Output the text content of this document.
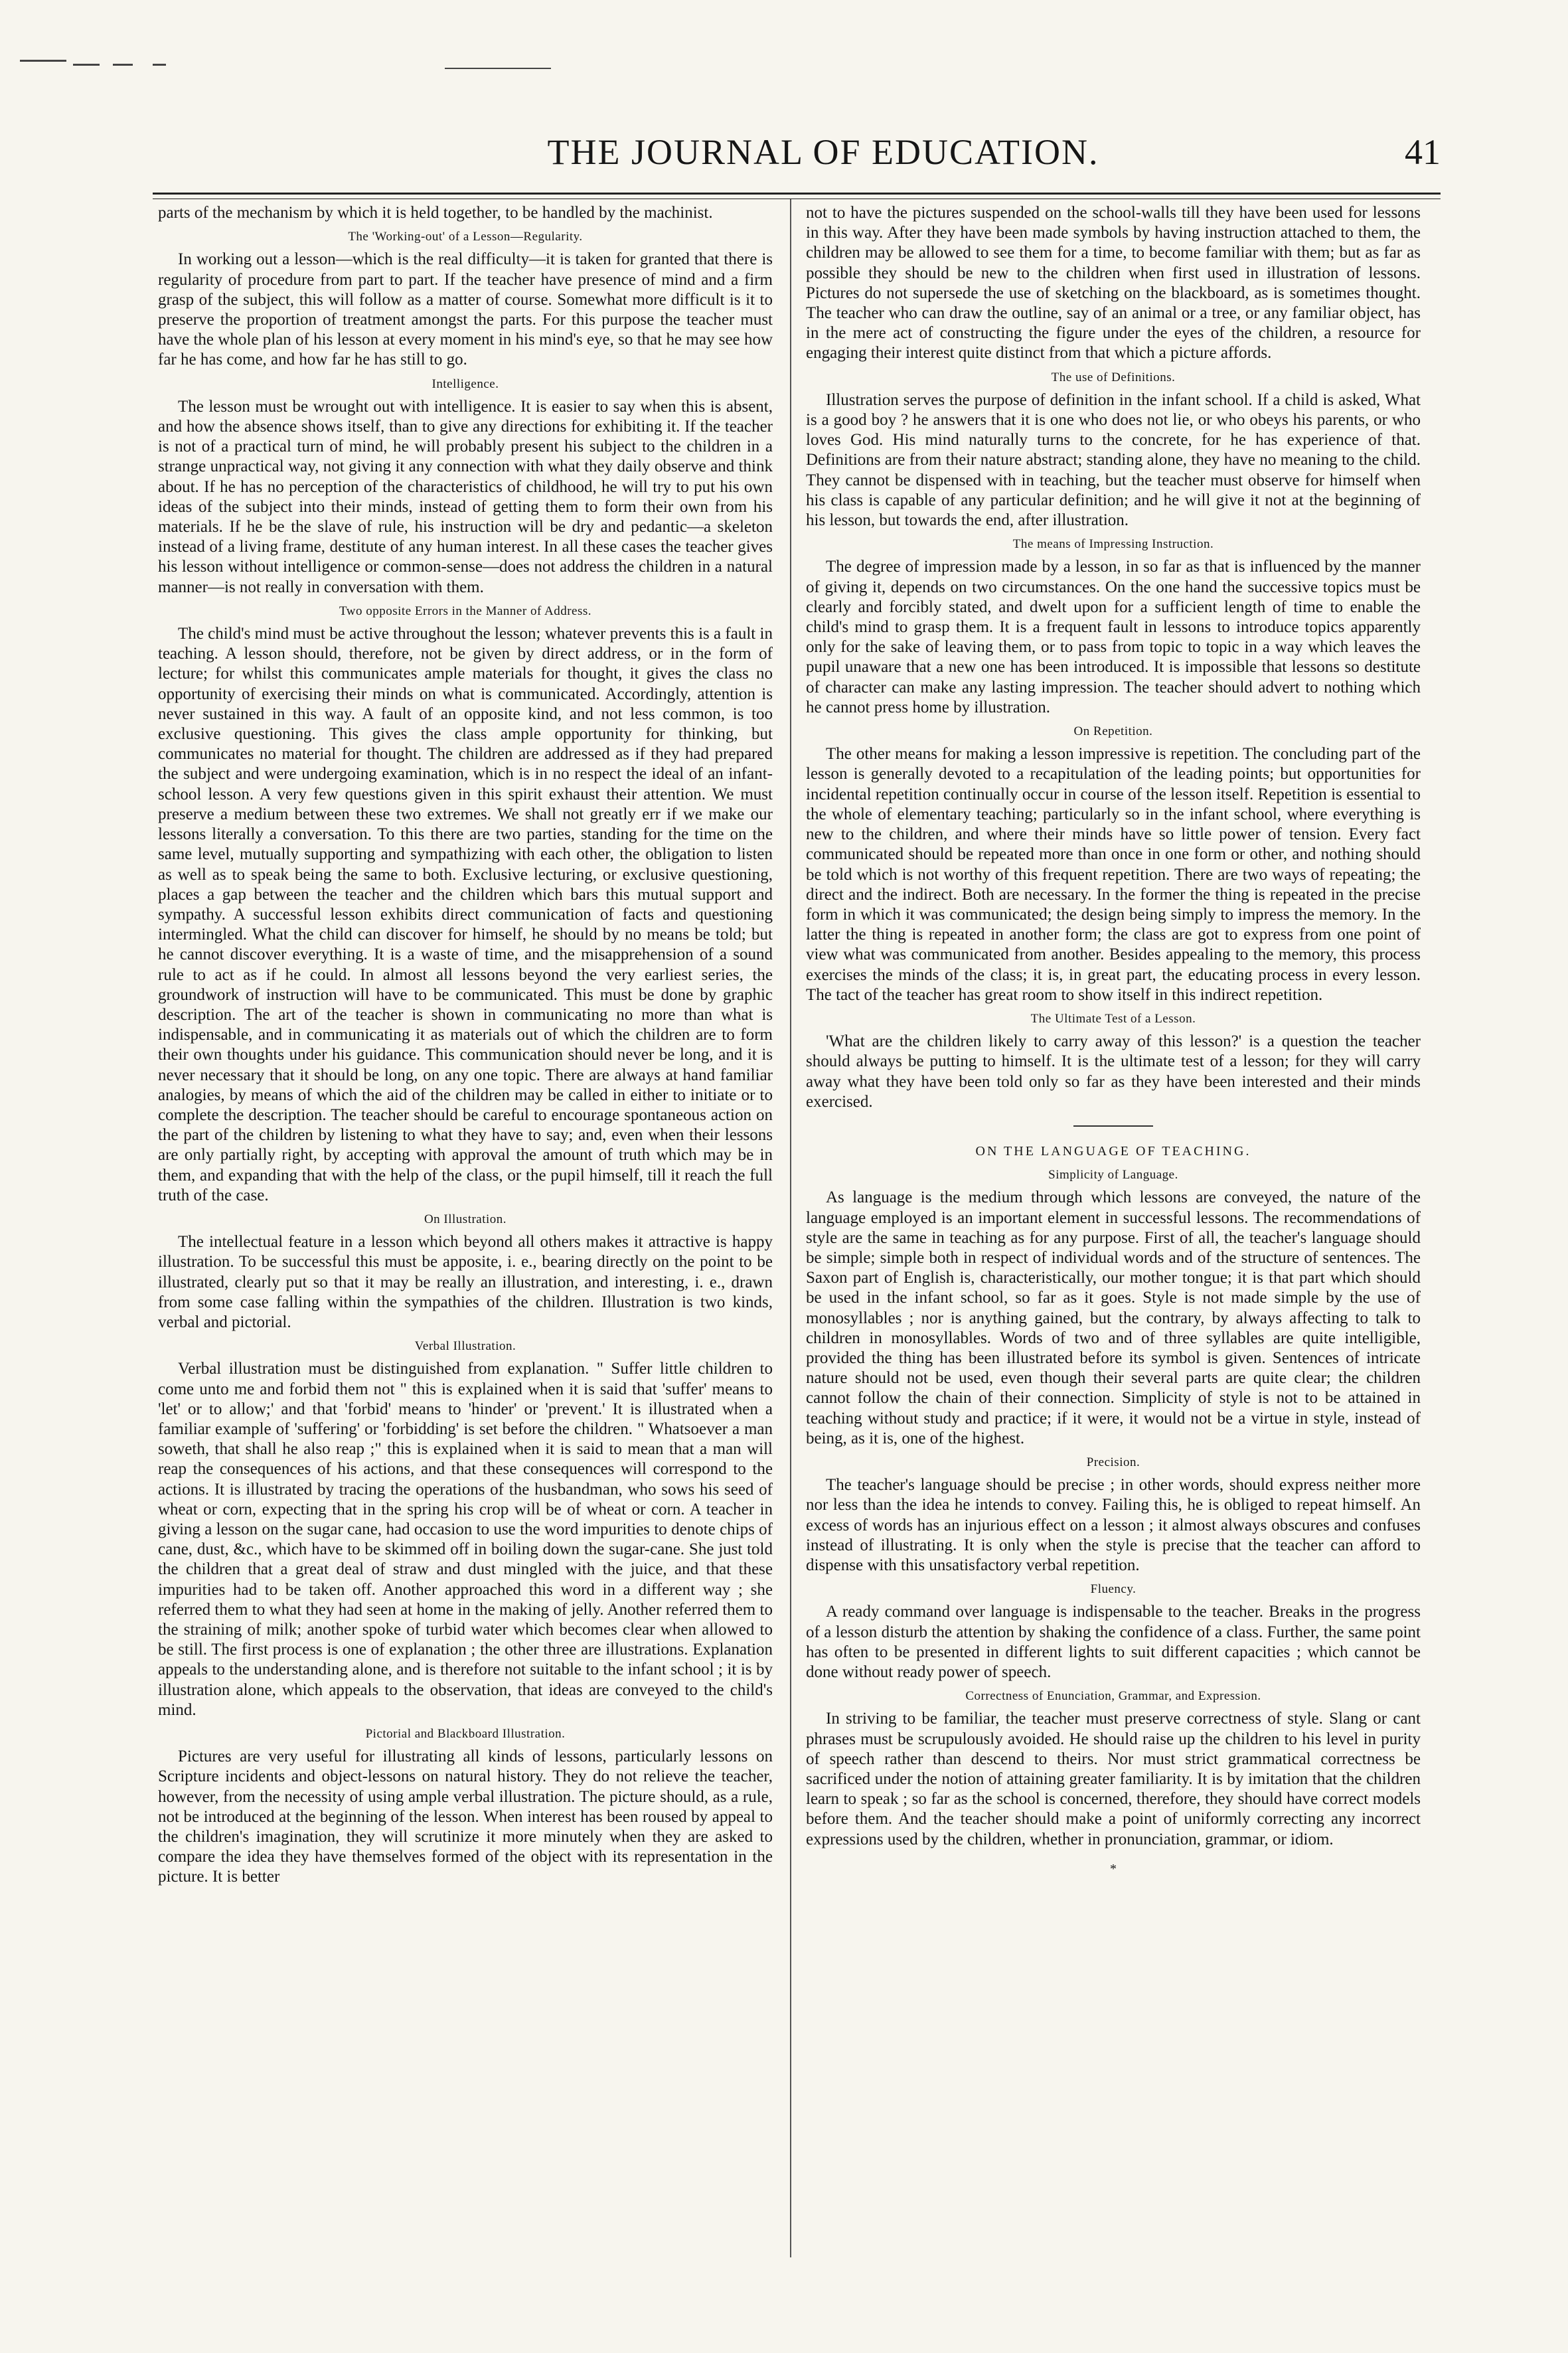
THE JOURNAL OF EDUCATION.	41

parts of the mechanism by which it is held together, to be handled by the machinist.

The 'Working-out' of a Lesson—Regularity.

In working out a lesson—which is the real difficulty—it is taken for granted that there is regularity of procedure from part to part. If the teacher have presence of mind and a firm grasp of the subject, this will follow as a matter of course. Somewhat more difficult is it to preserve the proportion of treatment amongst the parts. For this purpose the teacher must have the whole plan of his lesson at every moment in his mind's eye, so that he may see how far he has come, and how far he has still to go.

Intelligence.

The lesson must be wrought out with intelligence. It is easier to say when this is absent, and how the absence shows itself, than to give any directions for exhibiting it. If the teacher is not of a practical turn of mind, he will probably present his subject to the children in a strange unpractical way, not giving it any connection with what they daily observe and think about. If he has no perception of the characteristics of childhood, he will try to put his own ideas of the subject into their minds, instead of getting them to form their own from his materials. If he be the slave of rule, his instruction will be dry and pedantic—a skeleton instead of a living frame, destitute of any human interest. In all these cases the teacher gives his lesson without intelligence or common-sense—does not address the children in a natural manner—is not really in conversation with them.

Two opposite Errors in the Manner of Address.

The child's mind must be active throughout the lesson; whatever prevents this is a fault in teaching. A lesson should, therefore, not be given by direct address, or in the form of lecture; for whilst this communicates ample materials for thought, it gives the class no opportunity of exercising their minds on what is communicated. Accordingly, attention is never sustained in this way. A fault of an opposite kind, and not less common, is too exclusive questioning. This gives the class ample opportunity for thinking, but communicates no material for thought. The children are addressed as if they had prepared the subject and were undergoing examination, which is in no respect the ideal of an infant-school lesson. A very few questions given in this spirit exhaust their attention. We must preserve a medium between these two extremes. We shall not greatly err if we make our lessons literally a conversation. To this there are two parties, standing for the time on the same level, mutually supporting and sympathizing with each other, the obligation to listen as well as to speak being the same to both. Exclusive lecturing, or exclusive questioning, places a gap between the teacher and the children which bars this mutual support and sympathy. A successful lesson exhibits direct communication of facts and questioning intermingled. What the child can discover for himself, he should by no means be told; but he cannot discover everything. It is a waste of time, and the misapprehension of a sound rule to act as if he could. In almost all lessons beyond the very earliest series, the groundwork of instruction will have to be communicated. This must be done by graphic description. The art of the teacher is shown in communicating no more than what is indispensable, and in communicating it as materials out of which the children are to form their own thoughts under his guidance. This communication should never be long, and it is never necessary that it should be long, on any one topic. There are always at hand familiar analogies, by means of which the aid of the children may be called in either to initiate or to complete the description. The teacher should be careful to encourage spontaneous action on the part of the children by listening to what they have to say; and, even when their lessons are only partially right, by accepting with approval the amount of truth which may be in them, and expanding that with the help of the class, or the pupil himself, till it reach the full truth of the case.

On Illustration.

The intellectual feature in a lesson which beyond all others makes it attractive is happy illustration. To be successful this must be apposite, i. e., bearing directly on the point to be illustrated, clearly put so that it may be really an illustration, and interesting, i. e., drawn from some case falling within the sympathies of the children. Illustration is two kinds, verbal and pictorial.

Verbal Illustration.

Verbal illustration must be distinguished from explanation. " Suffer little children to come unto me and forbid them not " this is explained when it is said that 'suffer' means to 'let' or to allow;' and that 'forbid' means to 'hinder' or 'prevent.' It is illustrated when a familiar example of 'suffering' or 'forbidding' is set before the children. " Whatsoever a man soweth, that shall he also reap ;" this is explained when it is said to mean that a man will reap the consequences of his actions, and that these consequences will correspond to the actions. It is illustrated by tracing the operations of the husbandman, who sows his seed of wheat or corn, expecting that in the spring his crop will be of wheat or corn. A teacher in giving a lesson on the sugar cane, had occasion to use the word impurities to denote chips of cane, dust, &c., which have to be skimmed off in boiling down the sugar-cane. She just told the children that a great deal of straw and dust mingled with the juice, and that these impurities had to be taken off. Another approached this word in a different way ; she referred them to what they had seen at home in the making of jelly. Another referred them to the straining of milk; another spoke of turbid water which becomes clear when allowed to be still. The first process is one of explanation ; the other three are illustrations. Explanation appeals to the understanding alone, and is therefore not suitable to the infant school ; it is by illustration alone, which appeals to the observation, that ideas are conveyed to the child's mind.

Pictorial and Blackboard Illustration.

Pictures are very useful for illustrating all kinds of lessons, particularly lessons on Scripture incidents and object-lessons on natural history. They do not relieve the teacher, however, from the necessity of using ample verbal illustration. The picture should, as a rule, not be introduced at the beginning of the lesson. When interest has been roused by appeal to the children's imagination, they will scrutinize it more minutely when they are asked to compare the idea they have themselves formed of the object with its representation in the picture. It is better

not to have the pictures suspended on the school-walls till they have been used for lessons in this way. After they have been made symbols by having instruction attached to them, the children may be allowed to see them for a time, to become familiar with them; but as far as possible they should be new to the children when first used in illustration of lessons. Pictures do not supersede the use of sketching on the blackboard, as is sometimes thought. The teacher who can draw the outline, say of an animal or a tree, or any familiar object, has in the mere act of constructing the figure under the eyes of the children, a resource for engaging their interest quite distinct from that which a picture affords.

The use of Definitions.

Illustration serves the purpose of definition in the infant school. If a child is asked, What is a good boy ? he answers that it is one who does not lie, or who obeys his parents, or who loves God. His mind naturally turns to the concrete, for he has experience of that. Definitions are from their nature abstract; standing alone, they have no meaning to the child. They cannot be dispensed with in teaching, but the teacher must observe for himself when his class is capable of any particular definition; and he will give it not at the beginning of his lesson, but towards the end, after illustration.

The means of Impressing Instruction.

The degree of impression made by a lesson, in so far as that is influenced by the manner of giving it, depends on two circumstances. On the one hand the successive topics must be clearly and forcibly stated, and dwelt upon for a sufficient length of time to enable the child's mind to grasp them. It is a frequent fault in lessons to introduce topics apparently only for the sake of leaving them, or to pass from topic to topic in a way which leaves the pupil unaware that a new one has been introduced. It is impossible that lessons so destitute of character can make any lasting impression. The teacher should advert to nothing which he cannot press home by illustration.

On Repetition.

The other means for making a lesson impressive is repetition. The concluding part of the lesson is generally devoted to a recapitulation of the leading points; but opportunities for incidental repetition continually occur in course of the lesson itself. Repetition is essential to the whole of elementary teaching; particularly so in the infant school, where everything is new to the children, and where their minds have so little power of tension. Every fact communicated should be repeated more than once in one form or other, and nothing should be told which is not worthy of this frequent repetition. There are two ways of repeating; the direct and the indirect. Both are necessary. In the former the thing is repeated in the precise form in which it was communicated; the design being simply to impress the memory. In the latter the thing is repeated in another form; the class are got to express from one point of view what was communicated from another. Besides appealing to the memory, this process exercises the minds of the class; it is, in great part, the educating process in every lesson. The tact of the teacher has great room to show itself in this indirect repetition.

The Ultimate Test of a Lesson.

'What are the children likely to carry away of this lesson?' is a question the teacher should always be putting to himself. It is the ultimate test of a lesson; for they will carry away what they have been told only so far as they have been interested and their minds exercised.

ON THE LANGUAGE OF TEACHING.
Simplicity of Language.

As language is the medium through which lessons are conveyed, the nature of the language employed is an important element in successful lessons. The recommendations of style are the same in teaching as for any purpose. First of all, the teacher's language should be simple; simple both in respect of individual words and of the structure of sentences. The Saxon part of English is, characteristically, our mother tongue; it is that part which should be used in the infant school, so far as it goes. Style is not made simple by the use of monosyllables ; nor is anything gained, but the contrary, by always affecting to talk to children in monosyllables. Words of two and of three syllables are quite intelligible, provided the thing has been illustrated before its symbol is given. Sentences of intricate nature should not be used, even though their several parts are quite clear; the children cannot follow the chain of their connection. Simplicity of style is not to be attained in teaching without study and practice; if it were, it would not be a virtue in style, instead of being, as it is, one of the highest.

Precision.

The teacher's language should be precise ; in other words, should express neither more nor less than the idea he intends to convey. Failing this, he is obliged to repeat himself. An excess of words has an injurious effect on a lesson ; it almost always obscures and confuses instead of illustrating. It is only when the style is precise that the teacher can afford to dispense with this unsatisfactory verbal repetition.

Fluency.

A ready command over language is indispensable to the teacher. Breaks in the progress of a lesson disturb the attention by shaking the confidence of a class. Further, the same point has often to be presented in different lights to suit different capacities ; which cannot be done without ready power of speech.

Correctness of Enunciation, Grammar, and Expression.

In striving to be familiar, the teacher must preserve correctness of style. Slang or cant phrases must be scrupulously avoided. He should raise up the children to his level in purity of speech rather than descend to theirs. Nor must strict grammatical correctness be sacrificed under the notion of attaining greater familiarity. It is by imitation that the children learn to speak ; so far as the school is concerned, therefore, they should have correct models before them. And the teacher should make a point of uniformly correcting any incorrect expressions used by the children, whether in pronunciation, grammar, or idiom.

*
